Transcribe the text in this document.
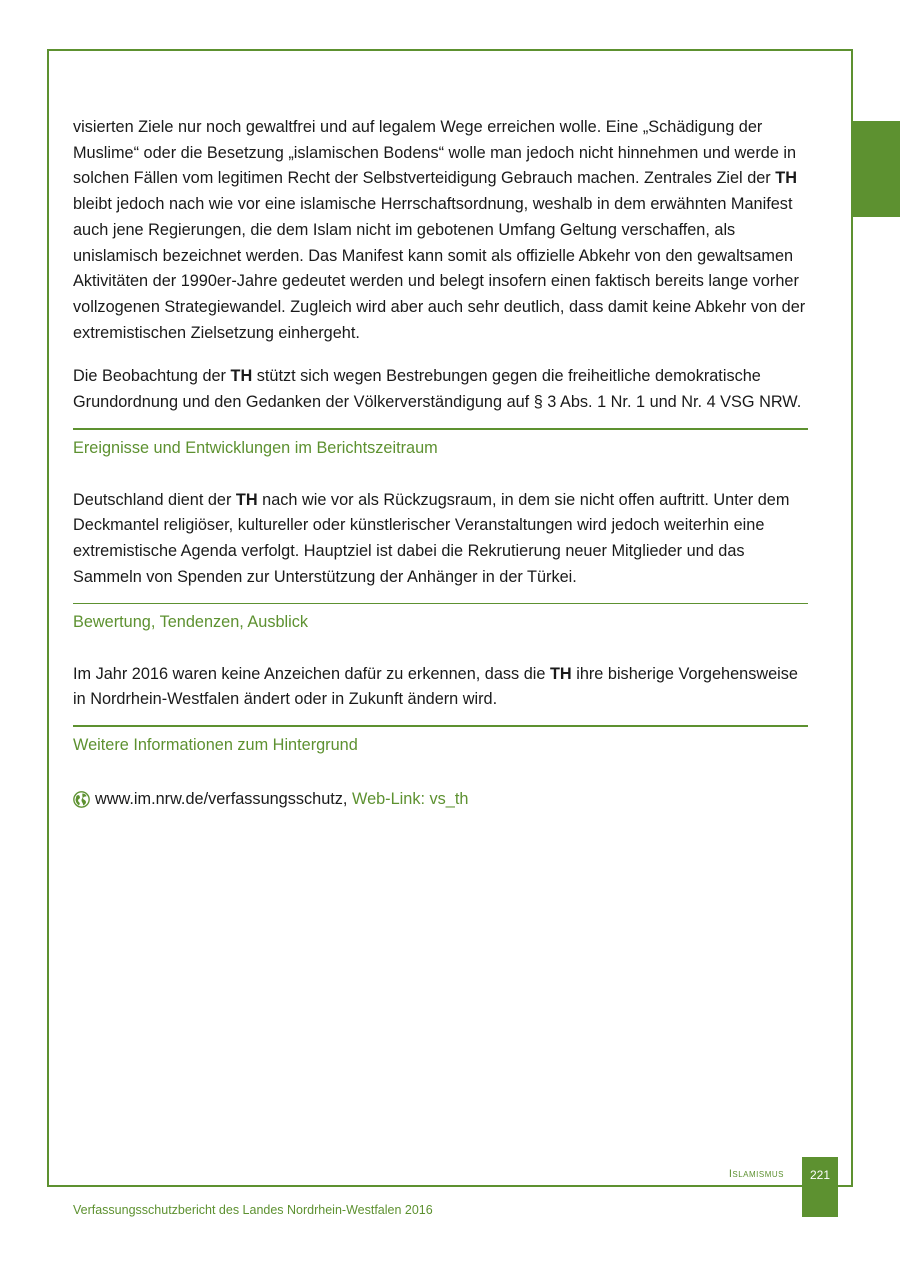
visierten Ziele nur noch gewaltfrei und auf legalem Wege erreichen wolle. Eine „Schädigung der Muslime“ oder die Besetzung „islamischen Bodens“ wolle man jedoch nicht hinnehmen und werde in solchen Fällen vom legitimen Recht der Selbstverteidigung Gebrauch machen. Zentrales Ziel der TH bleibt jedoch nach wie vor eine islamische Herrschaftsordnung, weshalb in dem erwähnten Manifest auch jene Regierungen, die dem Islam nicht im gebotenen Umfang Geltung verschaffen, als unislamisch bezeichnet werden. Das Manifest kann somit als offizielle Abkehr von den gewaltsamen Aktivitäten der 1990er-Jahre gedeutet werden und belegt insofern einen faktisch bereits lange vorher vollzogenen Strategiewandel. Zugleich wird aber auch sehr deutlich, dass damit keine Abkehr von der extremistischen Zielsetzung einhergeht.

Die Beobachtung der TH stützt sich wegen Bestrebungen gegen die freiheitliche demokratische Grundordnung und den Gedanken der Völkerverständigung auf § 3 Abs. 1 Nr. 1 und Nr. 4 VSG NRW.

Ereignisse und Entwicklungen im Berichtszeitraum

Deutschland dient der TH nach wie vor als Rückzugsraum, in dem sie nicht offen auftritt. Unter dem Deckmantel religiöser, kultureller oder künstlerischer Veranstaltungen wird jedoch weiterhin eine extremistische Agenda verfolgt. Hauptziel ist dabei die Rekrutierung neuer Mitglieder und das Sammeln von Spenden zur Unterstützung der Anhänger in der Türkei.

Bewertung, Tendenzen, Ausblick

Im Jahr 2016 waren keine Anzeichen dafür zu erkennen, dass die TH ihre bisherige Vorgehensweise in Nordrhein-Westfalen ändert oder in Zukunft ändern wird.

Weitere Informationen zum Hintergrund
www.im.nrw.de/verfassungsschutz,
Web-Link: vs_th
Islamismus	221
Verfassungsschutzbericht des Landes Nordrhein-Westfalen 2016
